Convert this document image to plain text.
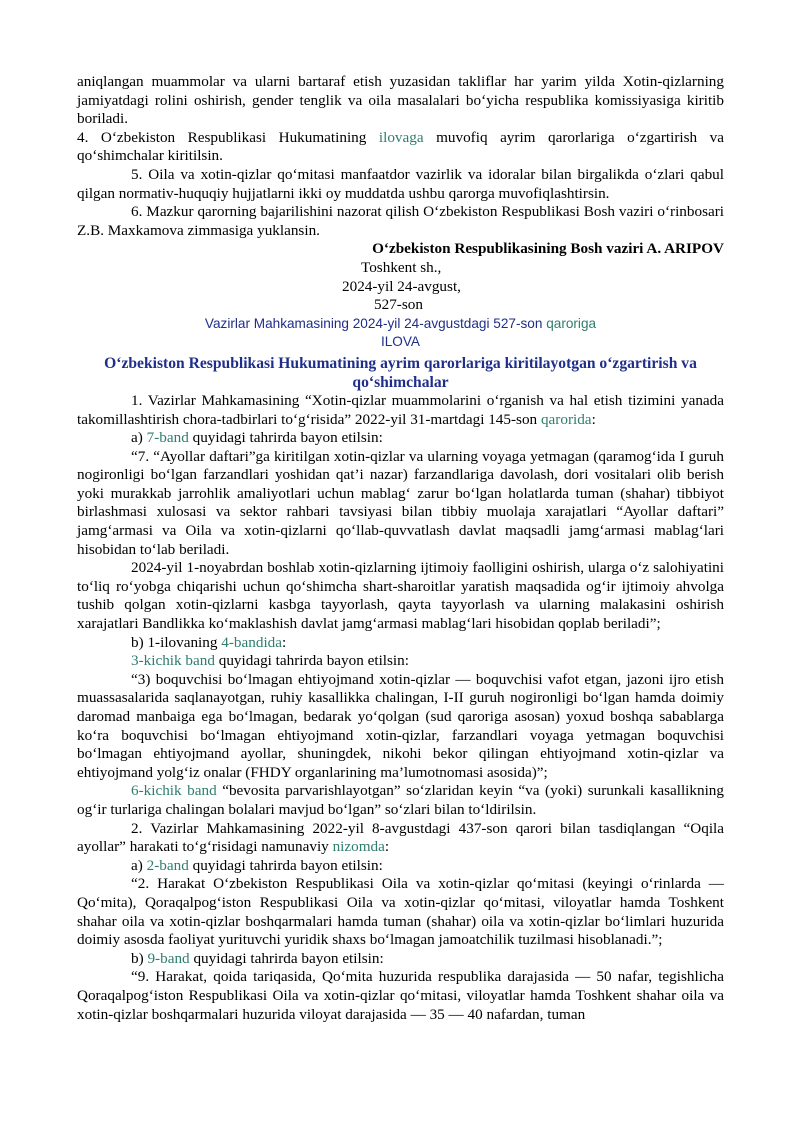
aniqlangan muammolar va ularni bartaraf etish yuzasidan takliflar har yarim yilda Xotin-qizlarning jamiyatdagi rolini oshirish, gender tenglik va oila masalalari bo‘yicha respublika komissiyasiga kiritib boriladi.

4. O‘zbekiston Respublikasi Hukumatining ilovaga muvofiq ayrim qarorlariga o‘zgartirish va qo‘shimchalar kiritilsin.

5. Oila va xotin-qizlar qo‘mitasi manfaatdor vazirlik va idoralar bilan birgalikda o‘zlari qabul qilgan normativ-huquqiy hujjatlarni ikki oy muddatda ushbu qarorga muvofiqlashtirsin.

6. Mazkur qarorning bajarilishini nazorat qilish O‘zbekiston Respublikasi Bosh vaziri o‘rinbosari Z.B. Maxkamova zimmasiga yuklansin.

O‘zbekiston Respublikasining Bosh vaziri A. ARIPOV

Toshkent sh.,

2024-yil 24-avgust,

527-son

Vazirlar Mahkamasining 2024-yil 24-avgustdagi 527-son qaroriga

ILOVA

O‘zbekiston Respublikasi Hukumatining ayrim qarorlariga kiritilayotgan o‘zgartirish va qo‘shimchalar

1. Vazirlar Mahkamasining “Xotin-qizlar muammolarini o‘rganish va hal etish tizimini yanada takomillashtirish chora-tadbirlari to‘g‘risida” 2022-yil 31-martdagi 145-son qarorida:

a) 7-band quyidagi tahrirda bayon etilsin:

“7. “Ayollar daftari”ga kiritilgan xotin-qizlar va ularning voyaga yetmagan (qaramog‘ida I guruh nogironligi bo‘lgan farzandlari yoshidan qat’i nazar) farzandlariga davolash, dori vositalari olib berish yoki murakkab jarrohlik amaliyotlari uchun mablag‘ zarur bo‘lgan holatlarda tuman (shahar) tibbiyot birlashmasi xulosasi va sektor rahbari tavsiyasi bilan tibbiy muolaja xarajatlari “Ayollar daftari” jamg‘armasi va Oila va xotin-qizlarni qo‘llab-quvvatlash davlat maqsadli jamg‘armasi mablag‘lari hisobidan to‘lab beriladi.

2024-yil 1-noyabrdan boshlab xotin-qizlarning ijtimoiy faolligini oshirish, ularga o‘z salohiyatini to‘liq ro‘yobga chiqarishi uchun qo‘shimcha shart-sharoitlar yaratish maqsadida og‘ir ijtimoiy ahvolga tushib qolgan xotin-qizlarni kasbga tayyorlash, qayta tayyorlash va ularning malakasini oshirish xarajatlari Bandlikka ko‘maklashish davlat jamg‘armasi mablag‘lari hisobidan qoplab beriladi”;

b) 1-ilovaning 4-bandida:

3-kichik band quyidagi tahrirda bayon etilsin:

“3) boquvchisi bo‘lmagan ehtiyojmand xotin-qizlar — boquvchisi vafot etgan, jazoni ijro etish muassasalarida saqlanayotgan, ruhiy kasallikka chalingan, I-II guruh nogironligi bo‘lgan hamda doimiy daromad manbaiga ega bo‘lmagan, bedarak yo‘qolgan (sud qaroriga asosan) yoxud boshqa sabablarga ko‘ra boquvchisi bo‘lmagan ehtiyojmand xotin-qizlar, farzandlari voyaga yetmagan boquvchisi bo‘lmagan ehtiyojmand ayollar, shuningdek, nikohi bekor qilingan ehtiyojmand xotin-qizlar va ehtiyojmand yolg‘iz onalar (FHDY organlarining ma’lumotnomasi asosida)”;

6-kichik band “bevosita parvarishlayotgan” so‘zlaridan keyin “va (yoki) surunkali kasallikning og‘ir turlariga chalingan bolalari mavjud bo‘lgan” so‘zlari bilan to‘ldirilsin.

2. Vazirlar Mahkamasining 2022-yil 8-avgustdagi 437-son qarori bilan tasdiqlangan “Oqila ayollar” harakati to‘g‘risidagi namunaviy nizomda:

a) 2-band quyidagi tahrirda bayon etilsin:

“2. Harakat O‘zbekiston Respublikasi Oila va xotin-qizlar qo‘mitasi (keyingi o‘rinlarda — Qo‘mita), Qoraqalpog‘iston Respublikasi Oila va xotin-qizlar qo‘mitasi, viloyatlar hamda Toshkent shahar oila va xotin-qizlar boshqarmalari hamda tuman (shahar) oila va xotin-qizlar bo‘limlari huzurida doimiy asosda faoliyat yurituvchi yuridik shaxs bo‘lmagan jamoatchilik tuzilmasi hisoblanadi.”;

b) 9-band quyidagi tahrirda bayon etilsin:

“9. Harakat, qoida tariqasida, Qo‘mita huzurida respublika darajasida — 50 nafar, tegishlicha Qoraqalpog‘iston Respublikasi Oila va xotin-qizlar qo‘mitasi, viloyatlar hamda Toshkent shahar oila va xotin-qizlar boshqarmalari huzurida viloyat darajasida — 35 — 40 nafardan, tuman
